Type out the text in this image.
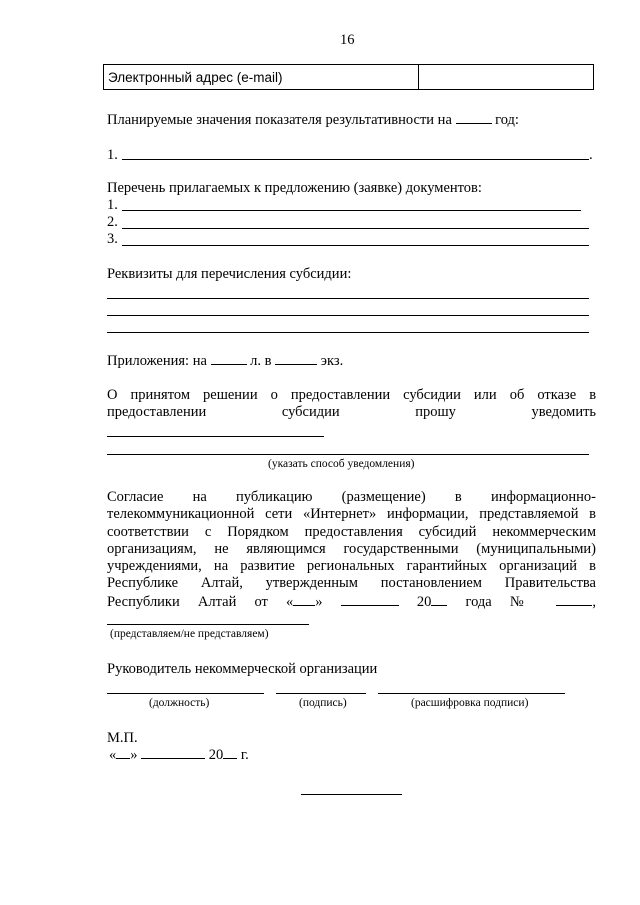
16
Электронный адрес (e-mail)	
Планируемые значения показателя результативности на	год:
1.	.
Перечень прилагаемых к предложению (заявке) документов:
1.
2.
3.
Реквизиты для перечисления субсидии:
Приложения: на	л. в	экз.
О принятом решении о предоставлении субсидии или об отказе в
предоставлении	субсидии	прошу	уведомить
(указать способ уведомления)
Согласие на публикацию (размещение) в информационно-
телекоммуникационной сети «Интернет» информации, представляемой в
соответствии с Порядком предоставления субсидий некоммерческим
организациям, не являющимся государственными (муниципальными)
учреждениями, на развитие региональных гарантийных организаций в
Республике Алтай, утвержденным постановлением Правительства
Республики Алтай от « »	20 года №	,
(представляем/не представляем)
Руководитель некоммерческой организации
(должность)	(подпись)	(расшифровка подписи)
М.П.
« »	20 г.
